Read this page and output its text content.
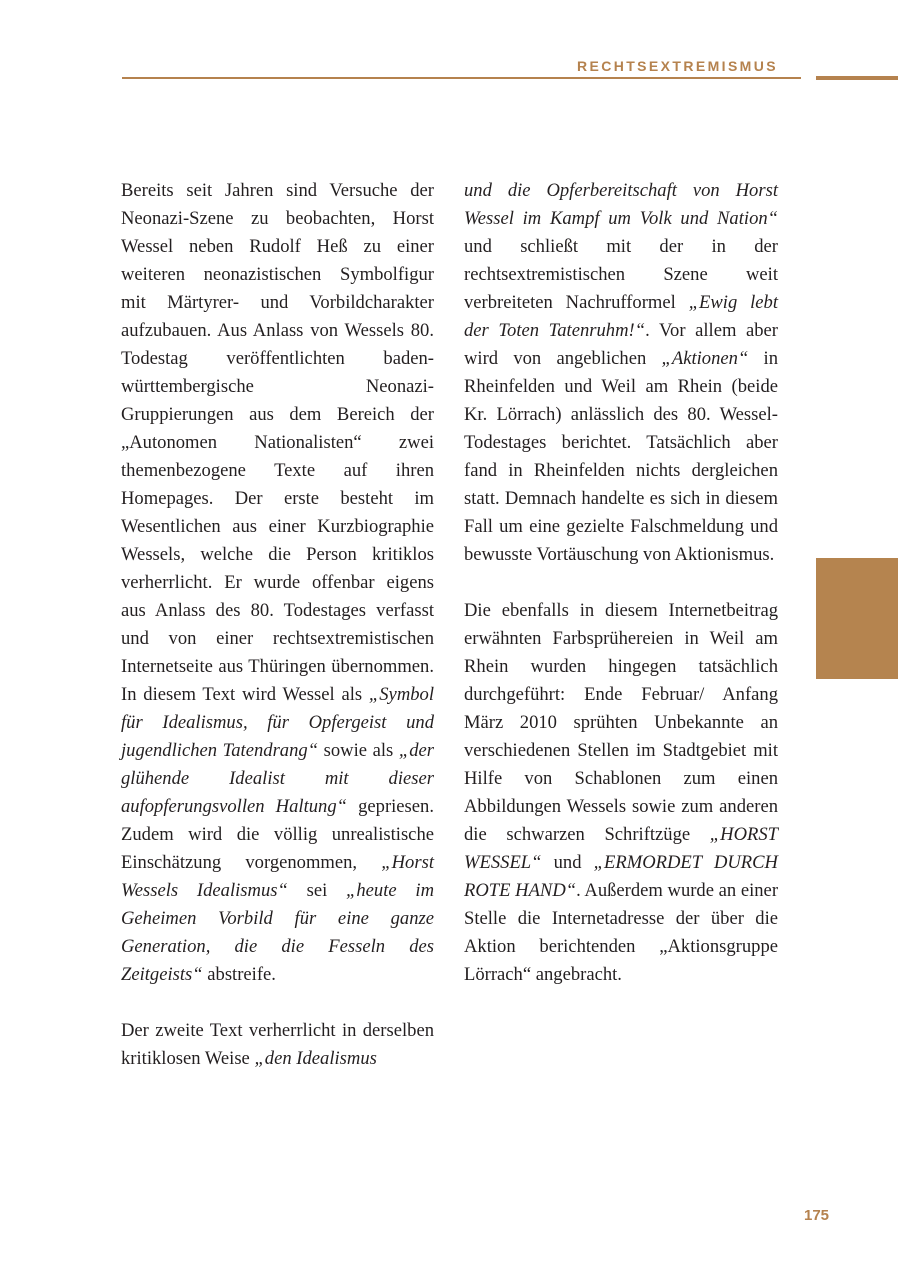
RECHTSEXTREMISMUS

Bereits seit Jahren sind Versuche der Neonazi-Szene zu beobachten, Horst Wessel neben Rudolf Heß zu einer weiteren neonazistischen Symbolfigur mit Märtyrer- und Vorbildcharakter aufzubauen. Aus Anlass von Wessels 80. Todestag veröffentlichten baden-württembergische Neonazi-Gruppierungen aus dem Bereich der „Autonomen Nationalisten“ zwei themenbezogene Texte auf ihren Homepages. Der erste besteht im Wesentlichen aus einer Kurzbiographie Wessels, welche die Person kritiklos verherrlicht. Er wurde offenbar eigens aus Anlass des 80. Todestages verfasst und von einer rechtsextremistischen Internetseite aus Thüringen übernommen. In diesem Text wird Wessel als „Symbol für Idealismus, für Opfergeist und jugendlichen Tatendrang“ sowie als „der glühende Idealist mit dieser aufopferungsvollen Haltung“ gepriesen. Zudem wird die völlig unrealistische Einschätzung vorgenommen, „Horst Wessels Idealismus“ sei „heute im Geheimen Vorbild für eine ganze Generation, die die Fesseln des Zeitgeists“ abstreife.

Der zweite Text verherrlicht in derselben kritiklosen Weise „den Idealismus

und die Opferbereitschaft von Horst Wessel im Kampf um Volk und Nation“ und schließt mit der in der rechtsextremistischen Szene weit verbreiteten Nachrufformel „Ewig lebt der Toten Tatenruhm!“. Vor allem aber wird von angeblichen „Aktionen“ in Rheinfelden und Weil am Rhein (beide Kr. Lörrach) anlässlich des 80. Wessel-Todestages berichtet. Tatsächlich aber fand in Rheinfelden nichts dergleichen statt. Demnach handelte es sich in diesem Fall um eine gezielte Falschmeldung und bewusste Vortäuschung von Aktionismus.

Die ebenfalls in diesem Internetbeitrag erwähnten Farbsprühereien in Weil am Rhein wurden hingegen tatsächlich durchgeführt: Ende Februar/ Anfang März 2010 sprühten Unbekannte an verschiedenen Stellen im Stadtgebiet mit Hilfe von Schablonen zum einen Abbildungen Wessels sowie zum anderen die schwarzen Schriftzüge „HORST WESSEL“ und „ERMORDET DURCH ROTE HAND“. Außerdem wurde an einer Stelle die Internetadresse der über die Aktion berichtenden „Aktionsgruppe Lörrach“ angebracht.

175
